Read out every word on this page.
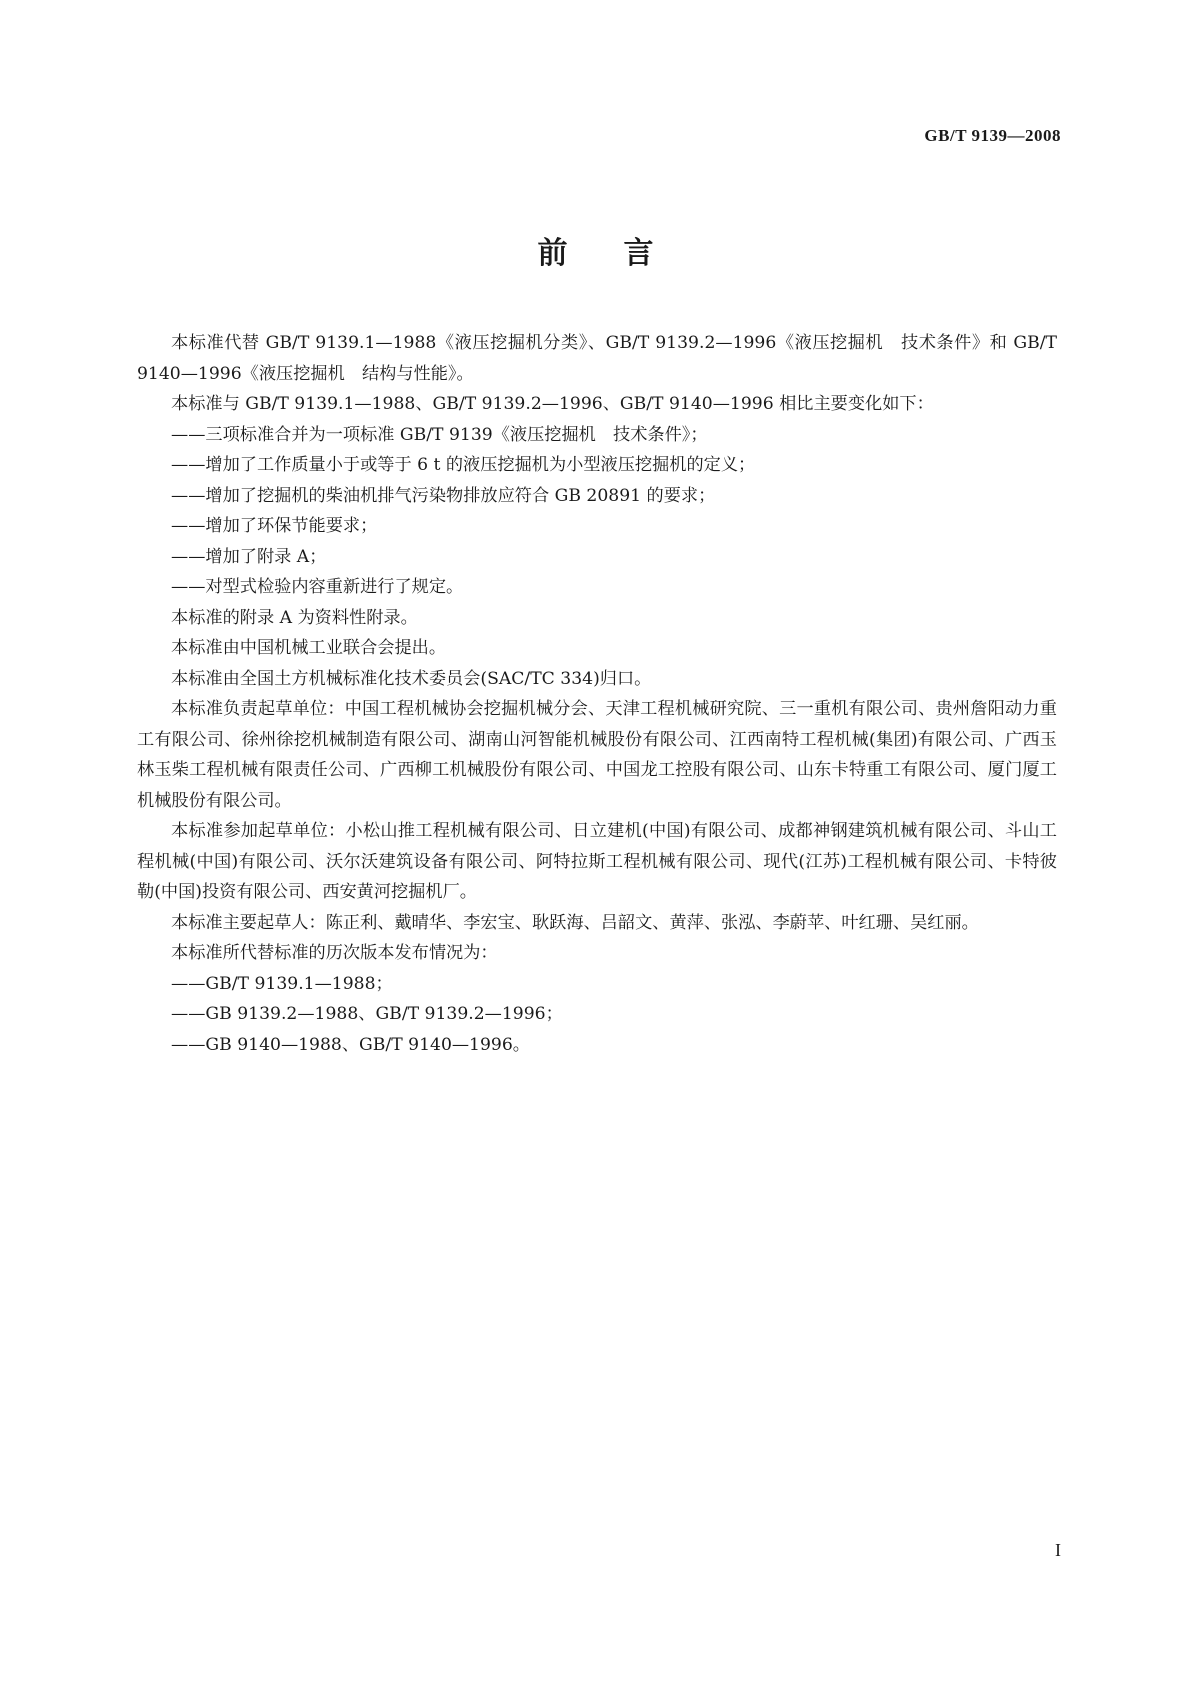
GB/T 9139—2008
前言

本标准代替 GB/T 9139.1—1988《液压挖掘机分类》、GB/T 9139.2—1996《液压挖掘机　技术条件》和 GB/T 9140—1996《液压挖掘机　结构与性能》。

本标准与 GB/T 9139.1—1988、GB/T 9139.2—1996、GB/T 9140—1996 相比主要变化如下：

——三项标准合并为一项标准 GB/T 9139《液压挖掘机　技术条件》；

——增加了工作质量小于或等于 6 t 的液压挖掘机为小型液压挖掘机的定义；

——增加了挖掘机的柴油机排气污染物排放应符合 GB 20891 的要求；

——增加了环保节能要求；

——增加了附录 A；

——对型式检验内容重新进行了规定。

本标准的附录 A 为资料性附录。

本标准由中国机械工业联合会提出。

本标准由全国土方机械标准化技术委员会(SAC/TC 334)归口。

本标准负责起草单位：中国工程机械协会挖掘机械分会、天津工程机械研究院、三一重机有限公司、贵州詹阳动力重工有限公司、徐州徐挖机械制造有限公司、湖南山河智能机械股份有限公司、江西南特工程机械(集团)有限公司、广西玉林玉柴工程机械有限责任公司、广西柳工机械股份有限公司、中国龙工控股有限公司、山东卡特重工有限公司、厦门厦工机械股份有限公司。

本标准参加起草单位：小松山推工程机械有限公司、日立建机(中国)有限公司、成都神钢建筑机械有限公司、斗山工程机械(中国)有限公司、沃尔沃建筑设备有限公司、阿特拉斯工程机械有限公司、现代(江苏)工程机械有限公司、卡特彼勒(中国)投资有限公司、西安黄河挖掘机厂。

本标准主要起草人：陈正利、戴晴华、李宏宝、耿跃海、吕韶文、黄萍、张泓、李蔚苹、叶红珊、吴红丽。

本标准所代替标准的历次版本发布情况为：

——GB/T 9139.1—1988；

——GB 9139.2—1988、GB/T 9139.2—1996；

——GB 9140—1988、GB/T 9140—1996。

I
